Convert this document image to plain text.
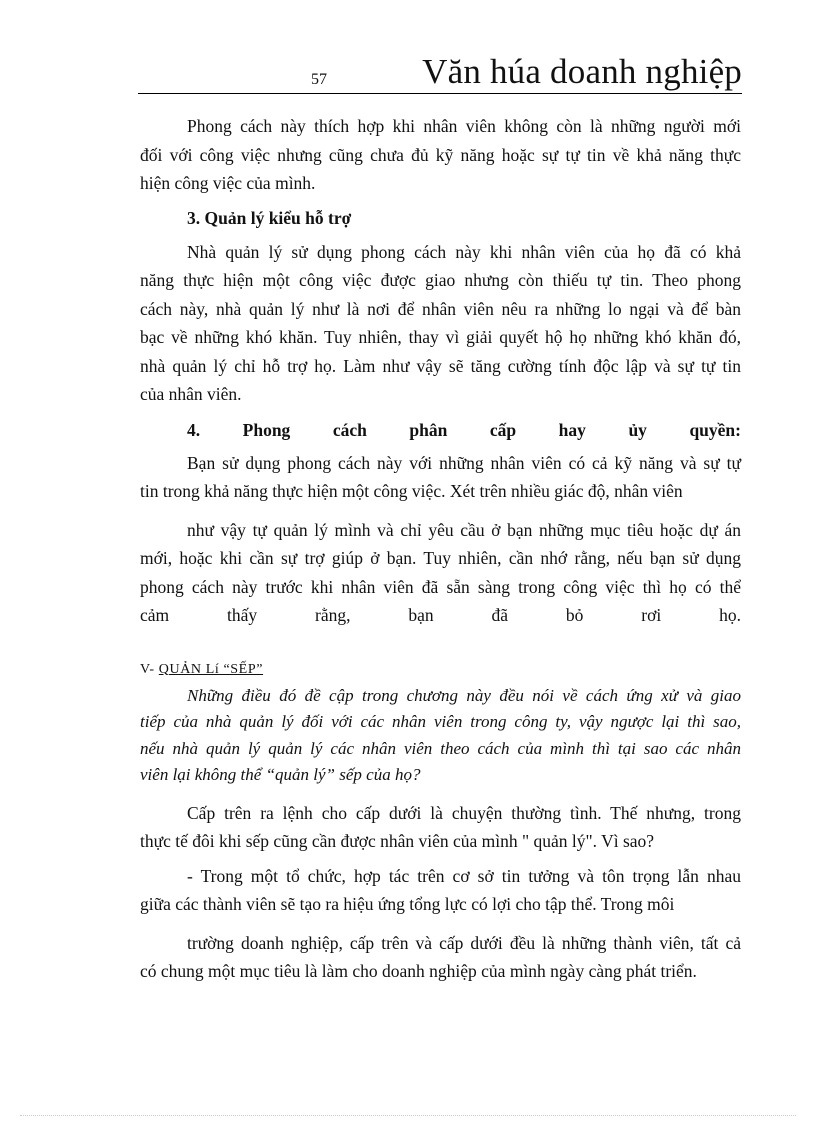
57	Văn húa doanh nghiệp

Phong cách này thích hợp khi nhân viên không còn là những người mới
đối với công việc nhưng cũng chưa đủ kỹ năng hoặc sự tự tin về khả năng thực
hiện công việc của mình.

3. Quản lý kiểu hỗ trợ

Nhà quản lý sử dụng phong cách này khi nhân viên của họ đã có khả
năng thực hiện một công việc được giao nhưng còn thiếu tự tin. Theo phong
cách này, nhà quản lý như là nơi để nhân viên nêu ra những lo ngại và để bàn
bạc về những khó khăn. Tuy nhiên, thay vì giải quyết hộ họ những khó khăn đó,
nhà quản lý chỉ hỗ trợ họ. Làm như vậy sẽ tăng cường tính độc lập và sự tự tin
của nhân viên.

4. Phong cách phân cấp hay ủy quyền:

Bạn sử dụng phong cách này với những nhân viên có cả kỹ năng và sự tự
tin trong khả năng thực hiện một công việc. Xét trên nhiều giác độ, nhân viên

như vậy tự quản lý mình và chỉ yêu cầu ở bạn những mục tiêu hoặc dự án
mới, hoặc khi cần sự trợ giúp ở bạn. Tuy nhiên, cần nhớ rằng, nếu bạn sử dụng
phong cách này trước khi nhân viên đã sẵn sàng trong công việc thì họ có thể
cảm thấy rằng, bạn đã bỏ rơi họ.

V- QUẢN Lí “SẾP”

Những điều đó đề cập trong chương này đều nói về cách ứng xử và giao
tiếp của nhà quản lý đối với các nhân viên trong công ty, vậy ngược lại thì sao,
nếu nhà quản lý quản lý các nhân viên theo cách của mình thì tại sao các nhân
viên lại không thể “quản lý” sếp của họ?

Cấp trên ra lệnh cho cấp dưới là chuyện thường tình. Thế nhưng, trong
thực tế đôi khi sếp cũng cần được nhân viên của mình " quản lý". Vì sao?

- Trong một tổ chức, hợp tác trên cơ sở tin tưởng và tôn trọng lẫn nhau
giữa các thành viên sẽ tạo ra hiệu ứng tổng lực có lợi cho tập thể. Trong môi

trường doanh nghiệp, cấp trên và cấp dưới đều là những thành viên, tất cả
có chung một mục tiêu là làm cho doanh nghiệp của mình ngày càng phát triển.
